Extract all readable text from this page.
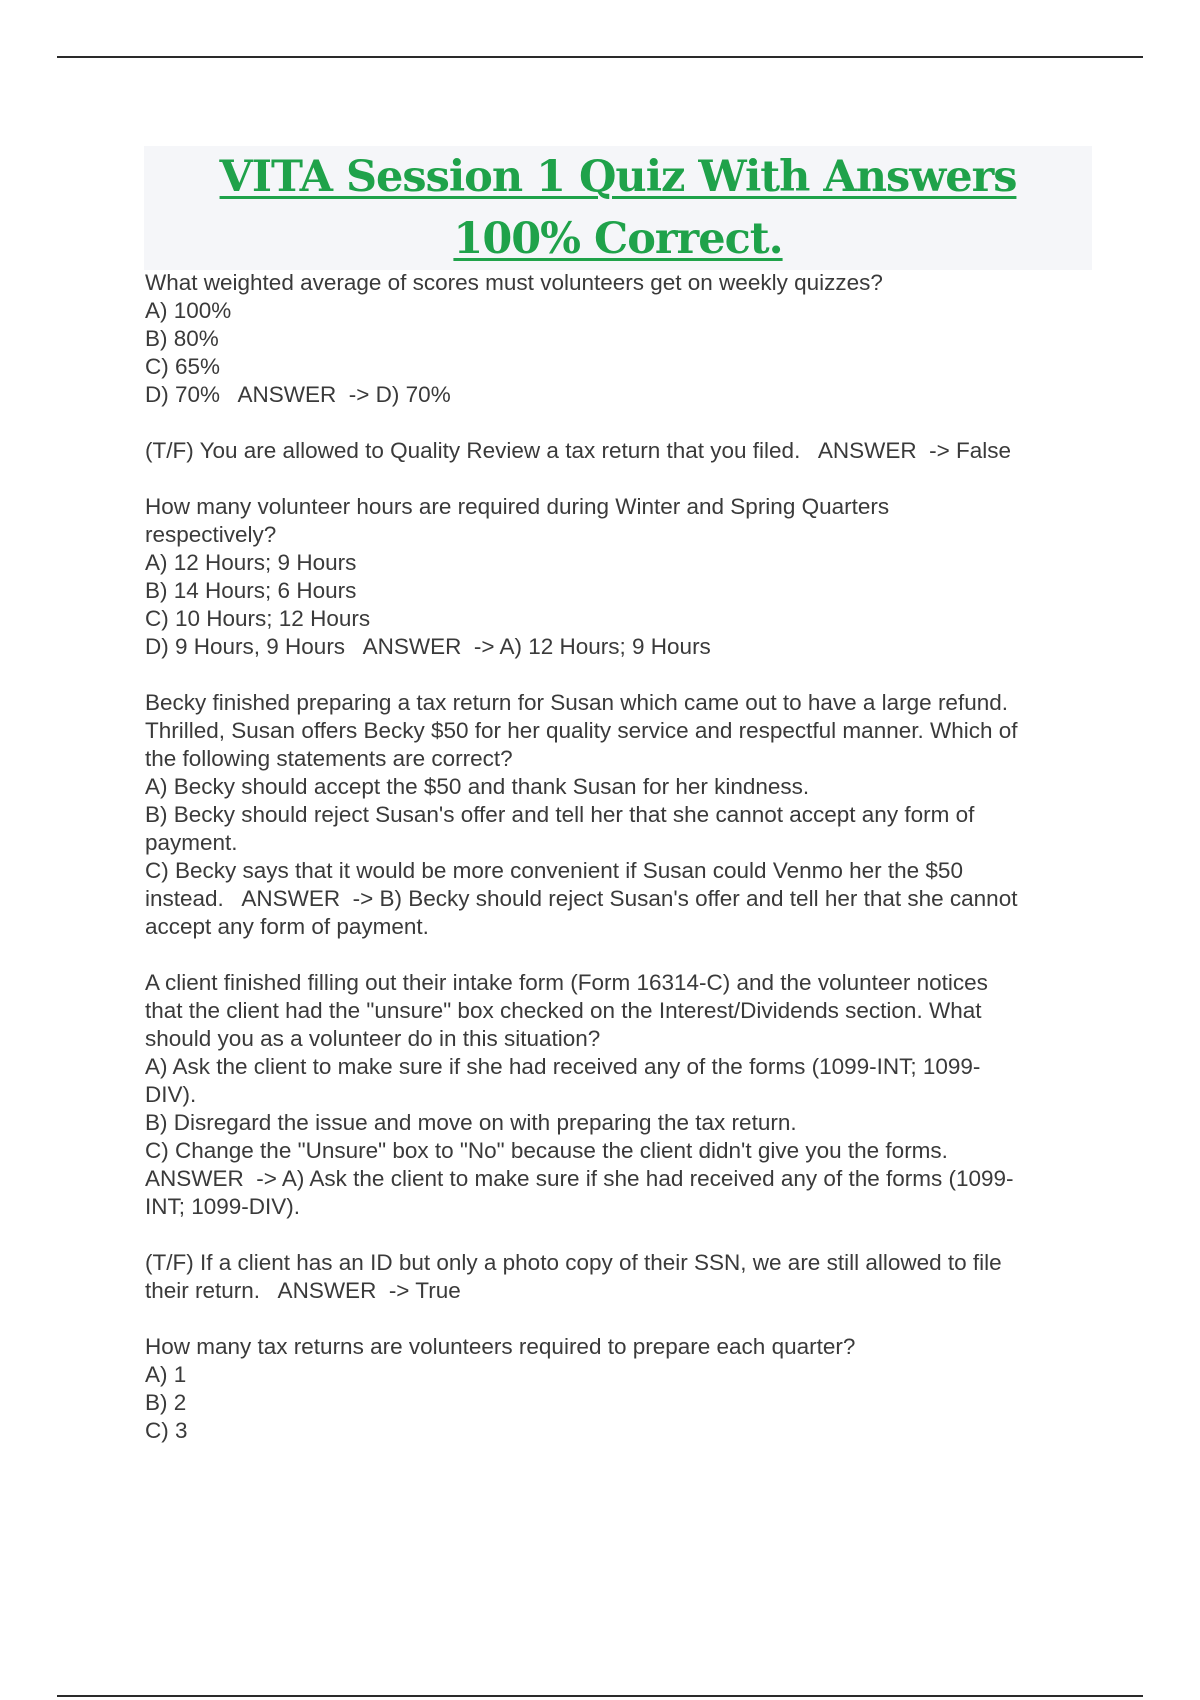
VITA Session 1 Quiz With Answers
100% Correct.
What weighted average of scores must volunteers get on weekly quizzes?
A) 100%
B) 80%
C) 65%
D) 70%   ANSWER  -> D) 70%
(T/F) You are allowed to Quality Review a tax return that you filed.   ANSWER  -> False
How many volunteer hours are required during Winter and Spring Quarters
respectively?
A) 12 Hours; 9 Hours
B) 14 Hours; 6 Hours
C) 10 Hours; 12 Hours
D) 9 Hours, 9 Hours   ANSWER  -> A) 12 Hours; 9 Hours
Becky finished preparing a tax return for Susan which came out to have a large refund.
Thrilled, Susan offers Becky $50 for her quality service and respectful manner. Which of
the following statements are correct?
A) Becky should accept the $50 and thank Susan for her kindness.
B) Becky should reject Susan's offer and tell her that she cannot accept any form of
payment.
C) Becky says that it would be more convenient if Susan could Venmo her the $50
instead.   ANSWER  -> B) Becky should reject Susan's offer and tell her that she cannot
accept any form of payment.
A client finished filling out their intake form (Form 16314-C) and the volunteer notices
that the client had the "unsure" box checked on the Interest/Dividends section. What
should you as a volunteer do in this situation?
A) Ask the client to make sure if she had received any of the forms (1099-INT; 1099-
DIV).
B) Disregard the issue and move on with preparing the tax return.
C) Change the "Unsure" box to "No" because the client didn't give you the forms.
ANSWER  -> A) Ask the client to make sure if she had received any of the forms (1099-
INT; 1099-DIV).
(T/F) If a client has an ID but only a photo copy of their SSN, we are still allowed to file
their return.   ANSWER  -> True
How many tax returns are volunteers required to prepare each quarter?
A) 1
B) 2
C) 3
